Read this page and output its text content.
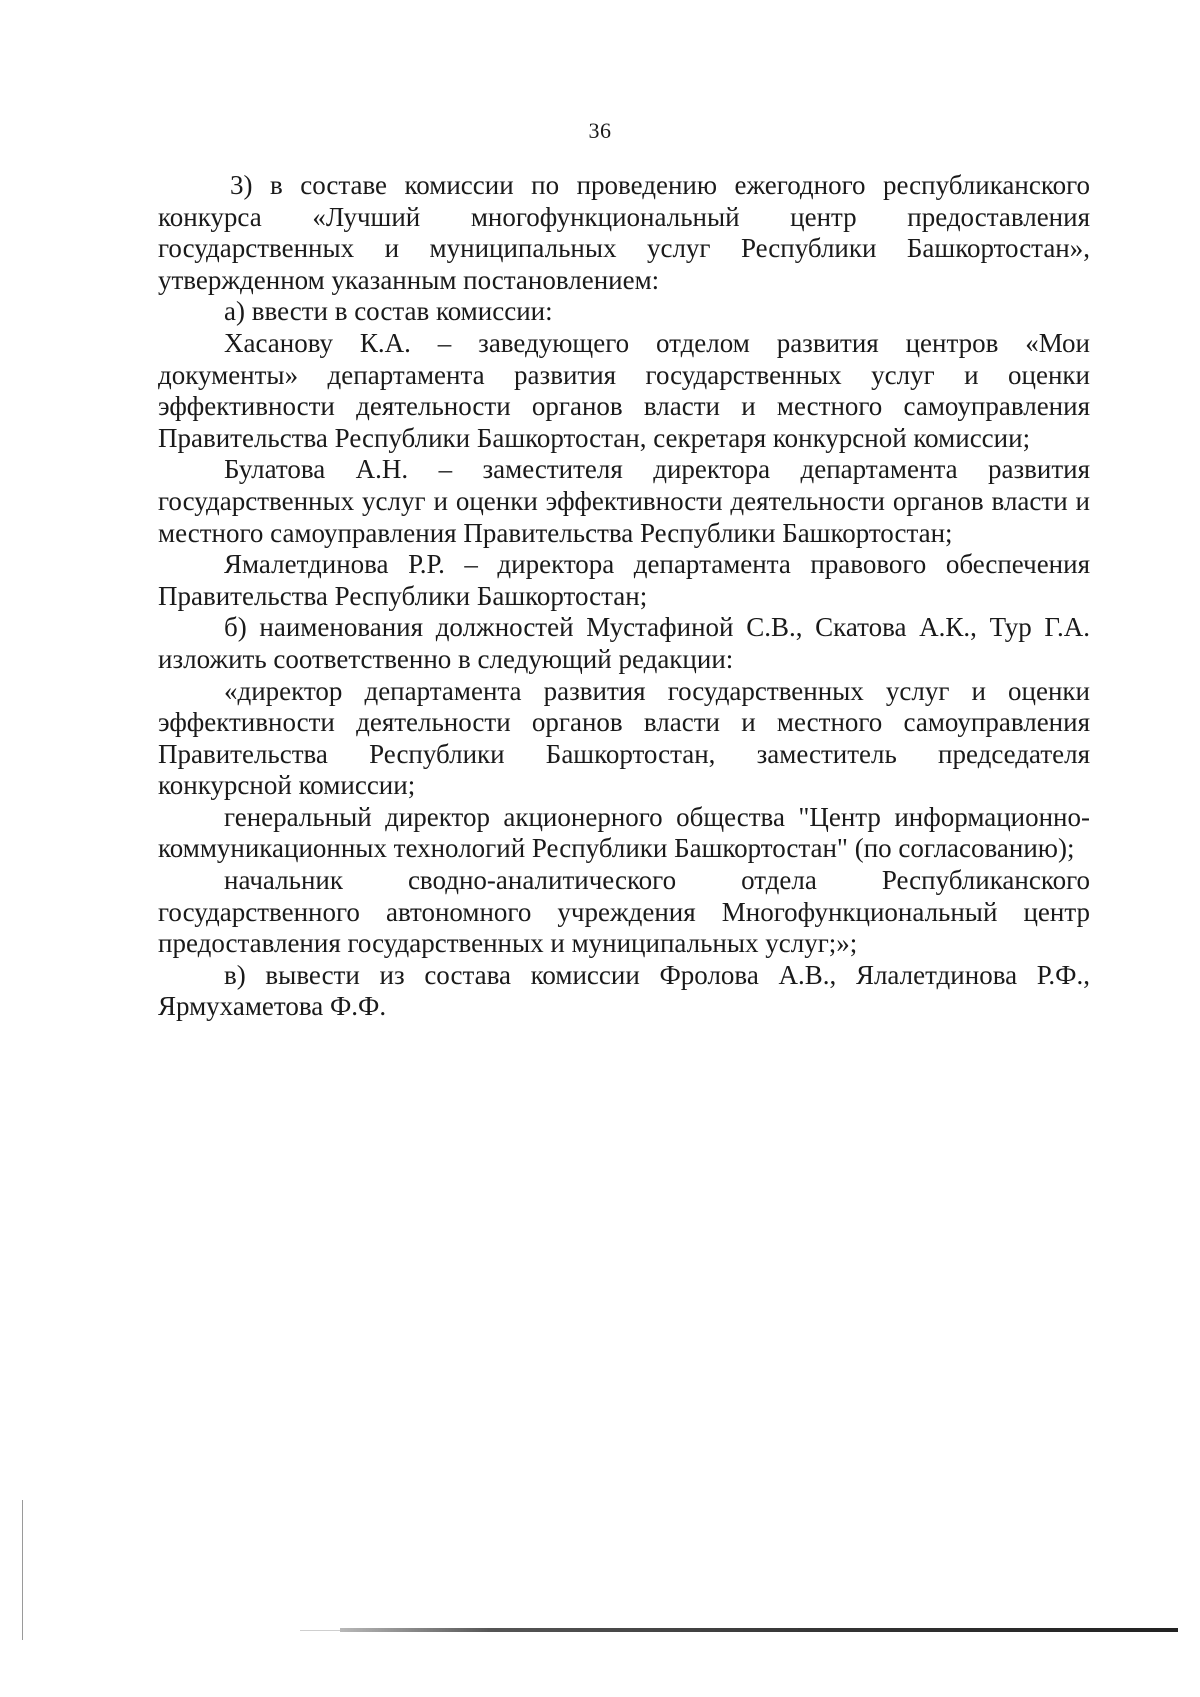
36

3) в составе комиссии по проведению ежегодного республиканского конкурса «Лучший многофункциональный центр предоставления государственных и муниципальных услуг Республики Башкортостан», утвержденном указанным постановлением:

а) ввести в состав комиссии:

Хасанову К.А. – заведующего отделом развития центров «Мои документы» департамента развития государственных услуг и оценки эффективности деятельности органов власти и местного самоуправления Правительства Республики Башкортостан, секретаря конкурсной комиссии;

Булатова А.Н. – заместителя директора департамента развития государственных услуг и оценки эффективности деятельности органов власти и местного самоуправления Правительства Республики Башкортостан;

Ямалетдинова Р.Р. – директора департамента правового обеспечения Правительства Республики Башкортостан;

б) наименования должностей Мустафиной С.В., Скатова А.К., Тур Г.А. изложить соответственно в следующий редакции:

«директор департамента развития государственных услуг и оценки эффективности деятельности органов власти и местного самоуправления Правительства Республики Башкортостан, заместитель председателя конкурсной комиссии;

генеральный директор акционерного общества "Центр информационно-коммуникационных технологий Республики Башкортостан" (по согласованию);

начальник сводно-аналитического отдела Республиканского государственного автономного учреждения Многофункциональный центр предоставления государственных и муниципальных услуг;»;

в) вывести из состава комиссии Фролова А.В., Ялалетдинова Р.Ф., Ярмухаметова Ф.Ф.
